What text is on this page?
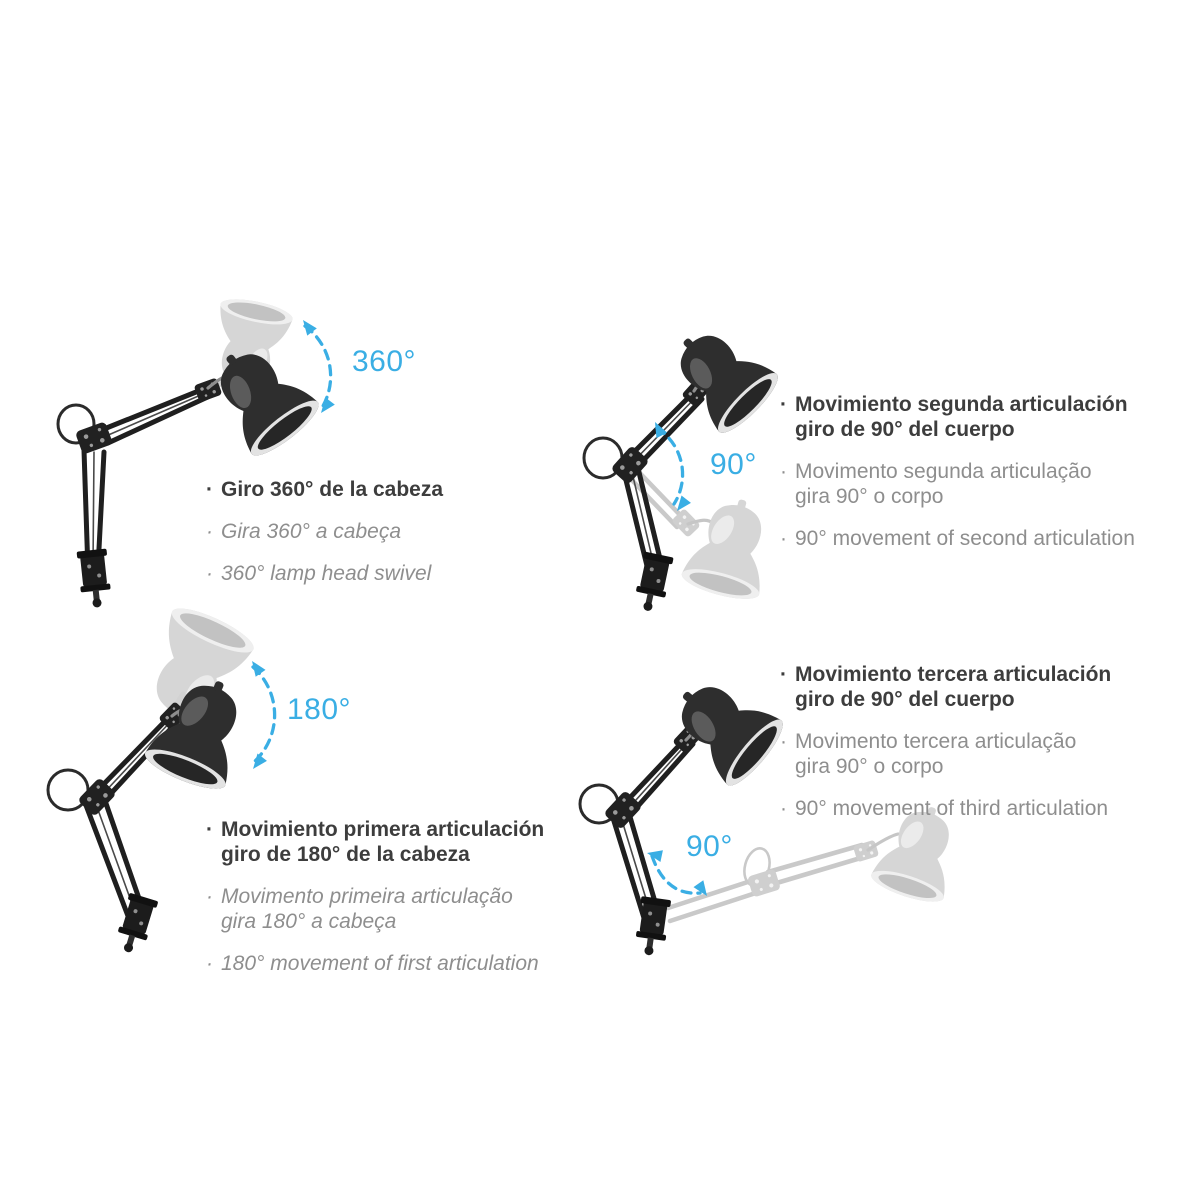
360°
90°
180°
90°
· Giro 360° de la cabeza
· Gira 360° a cabeça
· 360° lamp head swivel
· Movimiento segunda articulación
giro de 90° del cuerpo
· Movimento segunda articulação
gira 90° o corpo
· 90° movement of second articulation
· Movimiento primera articulación
giro de 180° de la cabeza
· Movimento primeira articulação
gira 180° a cabeça
· 180° movement of first articulation
· Movimiento tercera articulación
giro de 90° del cuerpo
· Movimento tercera articulação
gira 90° o corpo
· 90° movement of third articulation
